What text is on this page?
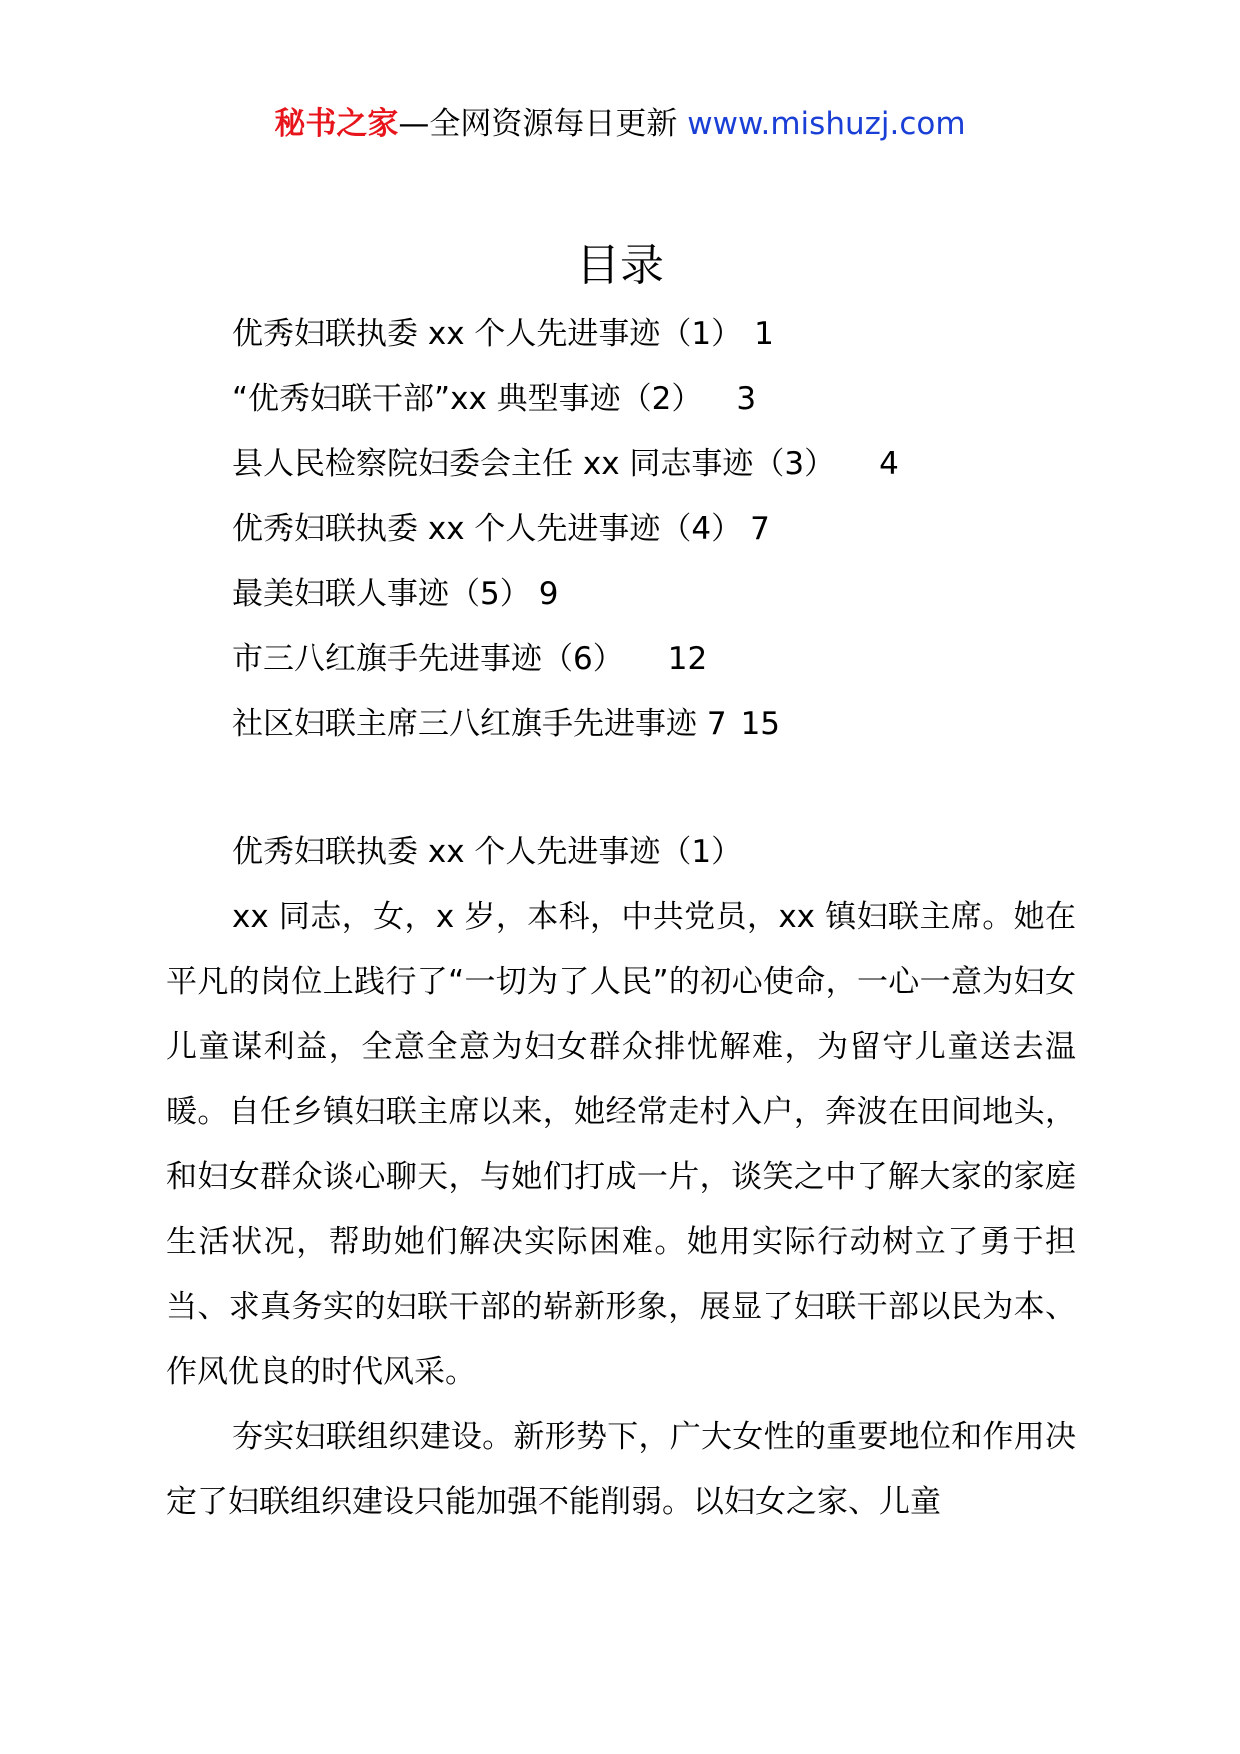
秘书之家—全网资源每日更新 www.mishuzj.com
目录
优秀妇联执委 xx 个人先进事迹（1） 1
“优秀妇联干部”xx 典型事迹（2） 3
县人民检察院妇委会主任 xx 同志事迹（3） 4
优秀妇联执委 xx 个人先进事迹（4） 7
最美妇联人事迹（5） 9
市三八红旗手先进事迹（6） 12
社区妇联主席三八红旗手先进事迹 7 15
优秀妇联执委 xx 个人先进事迹（1）

xx 同志，女，x 岁，本科，中共党员，xx 镇妇联主席。她在平凡的岗位上践行了“一切为了人民”的初心使命，一心一意为妇女儿童谋利益，全意全意为妇女群众排忧解难，为留守儿童送去温暖。自任乡镇妇联主席以来，她经常走村入户，奔波在田间地头，和妇女群众谈心聊天，与她们打成一片，谈笑之中了解大家的家庭生活状况，帮助她们解决实际困难。她用实际行动树立了勇于担当、求真务实的妇联干部的崭新形象，展显了妇联干部以民为本、作风优良的时代风采。

夯实妇联组织建设。新形势下，广大女性的重要地位和作用决定了妇联组织建设只能加强不能削弱。以妇女之家、儿童
